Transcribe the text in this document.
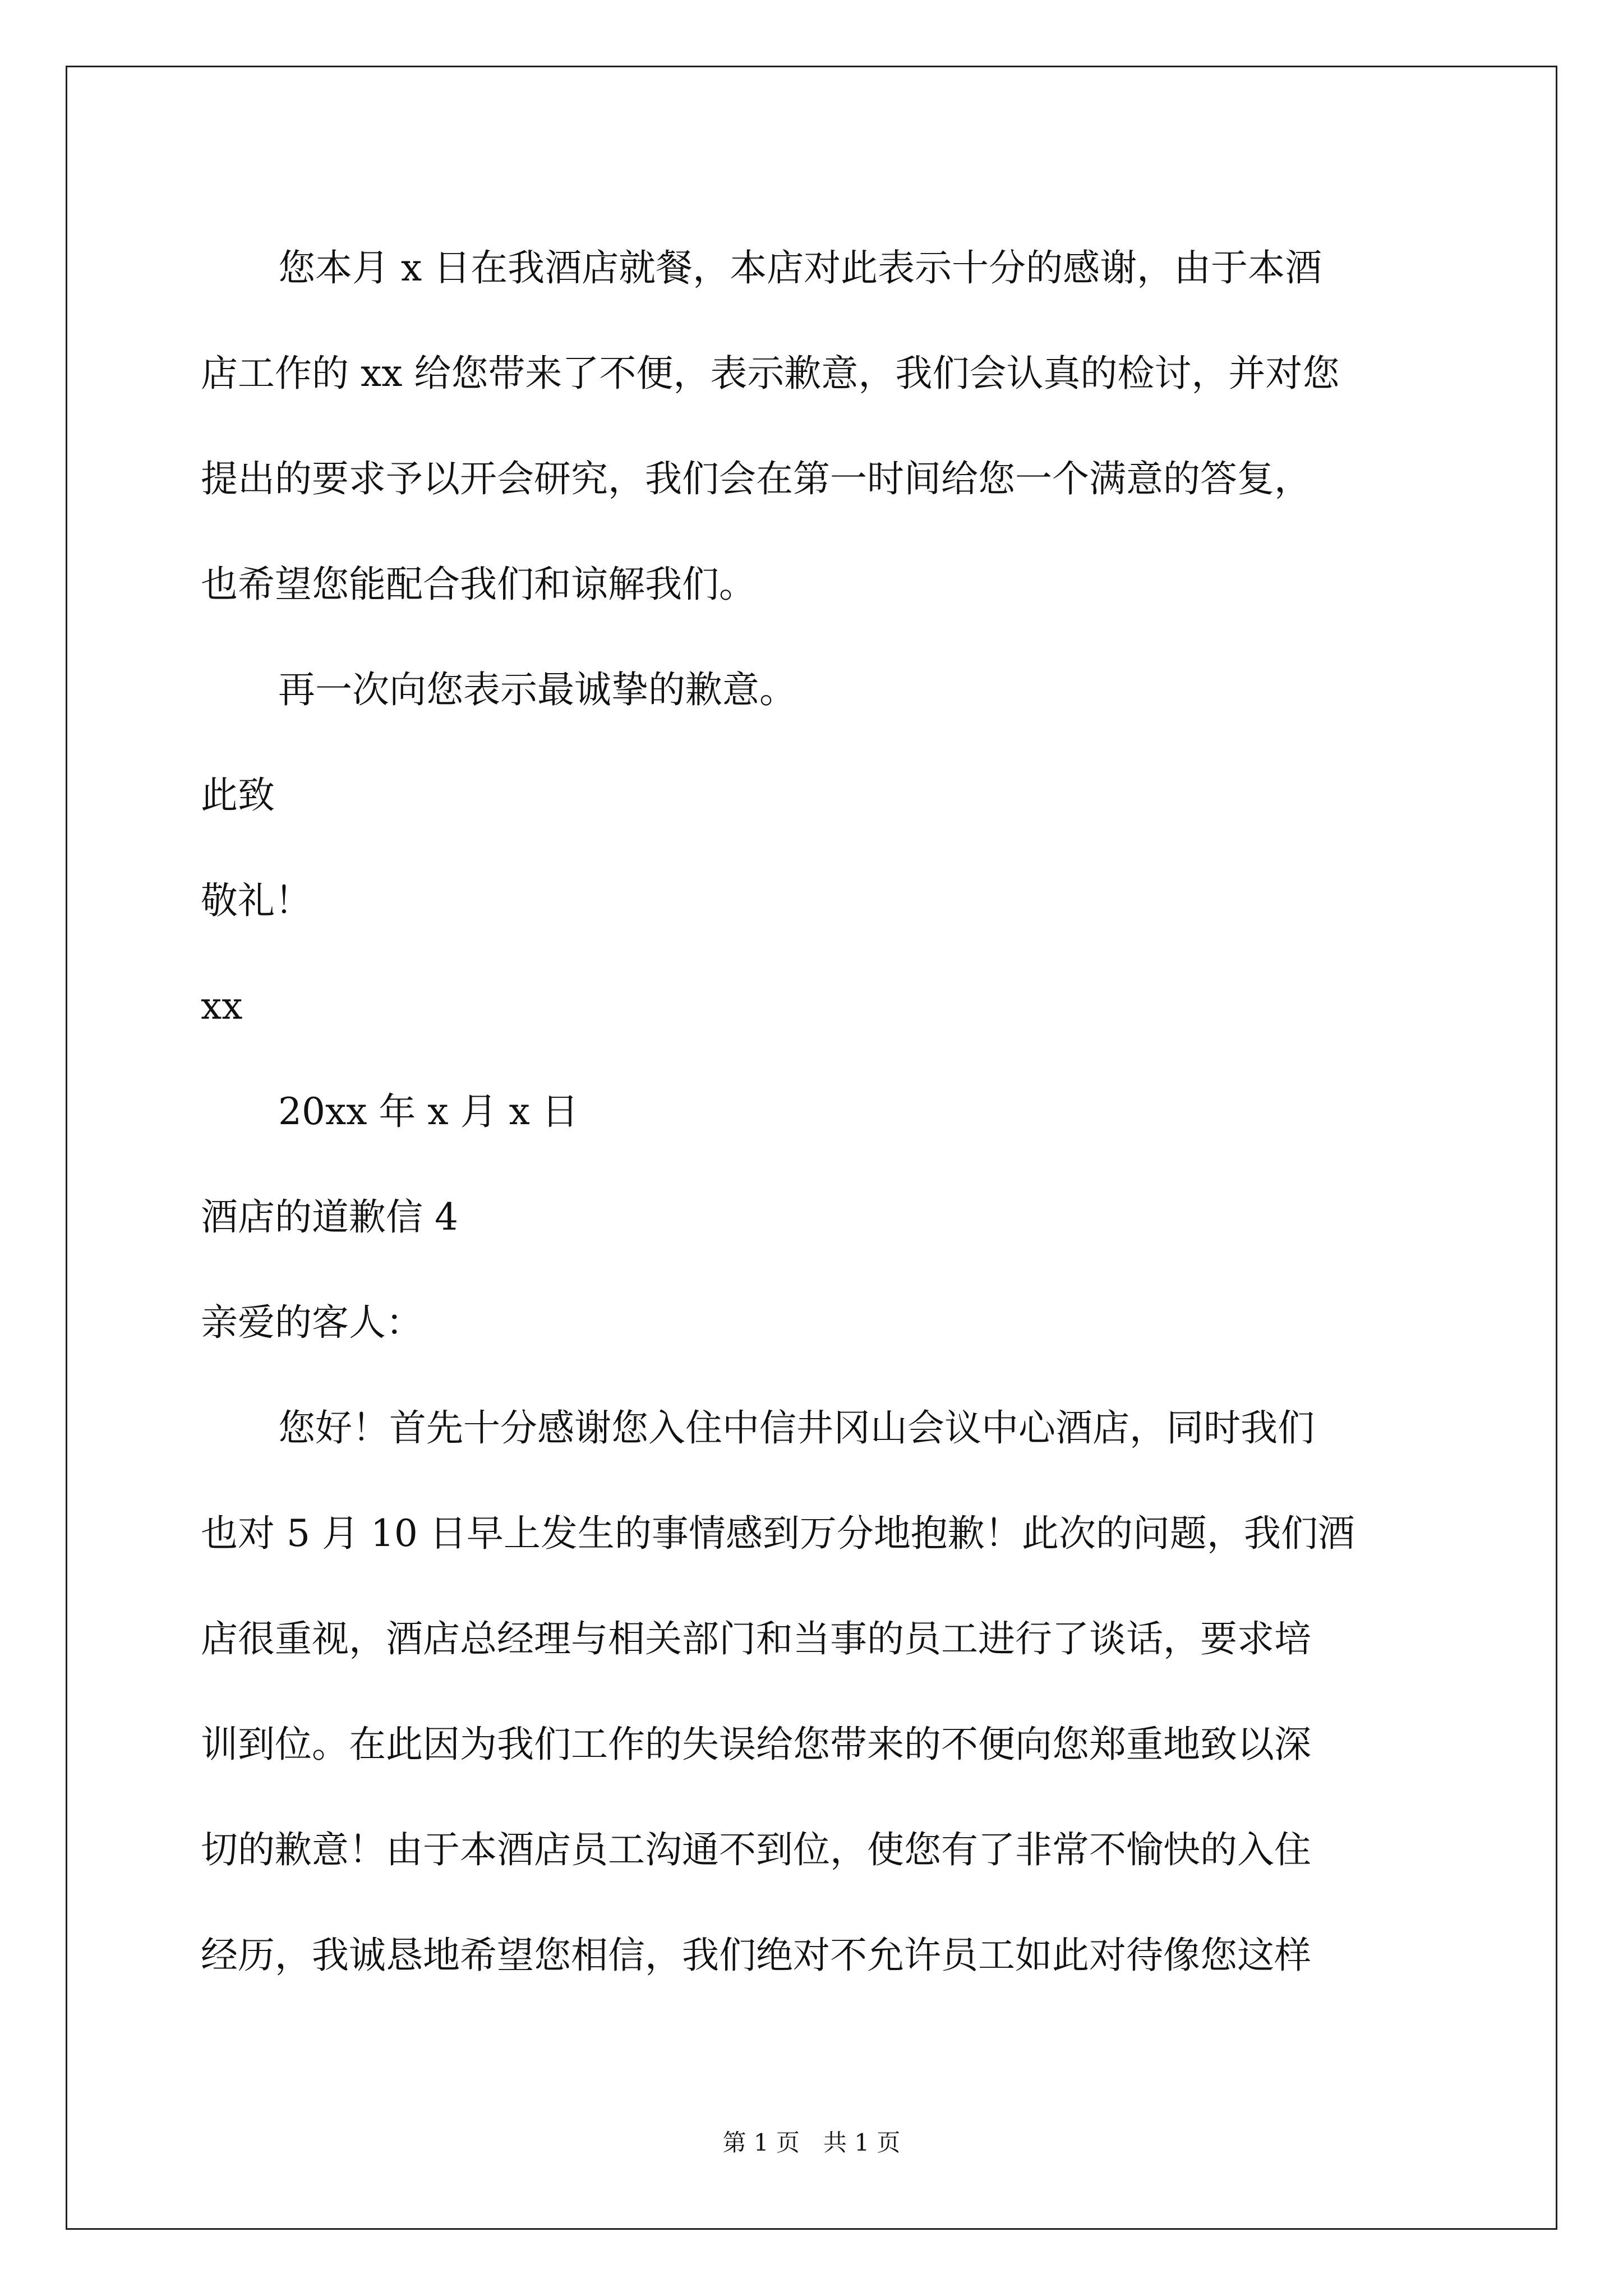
您本月 x 日在我酒店就餐，本店对此表示十分的感谢，由于本酒

店工作的 xx 给您带来了不便，表示歉意，我们会认真的检讨，并对您

提出的要求予以开会研究，我们会在第一时间给您一个满意的答复，

也希望您能配合我们和谅解我们。

再一次向您表示最诚挚的歉意。

此致

敬礼！

xx

20xx 年 x 月 x 日

酒店的道歉信 4

亲爱的客人：

您好！首先十分感谢您入住中信井冈山会议中心酒店，同时我们

也对 5 月 10 日早上发生的事情感到万分地抱歉！此次的问题，我们酒

店很重视，酒店总经理与相关部门和当事的员工进行了谈话，要求培

训到位。在此因为我们工作的失误给您带来的不便向您郑重地致以深

切的歉意！由于本酒店员工沟通不到位，使您有了非常不愉快的入住

经历，我诚恳地希望您相信，我们绝对不允许员工如此对待像您这样

第 1 页　共 1 页
